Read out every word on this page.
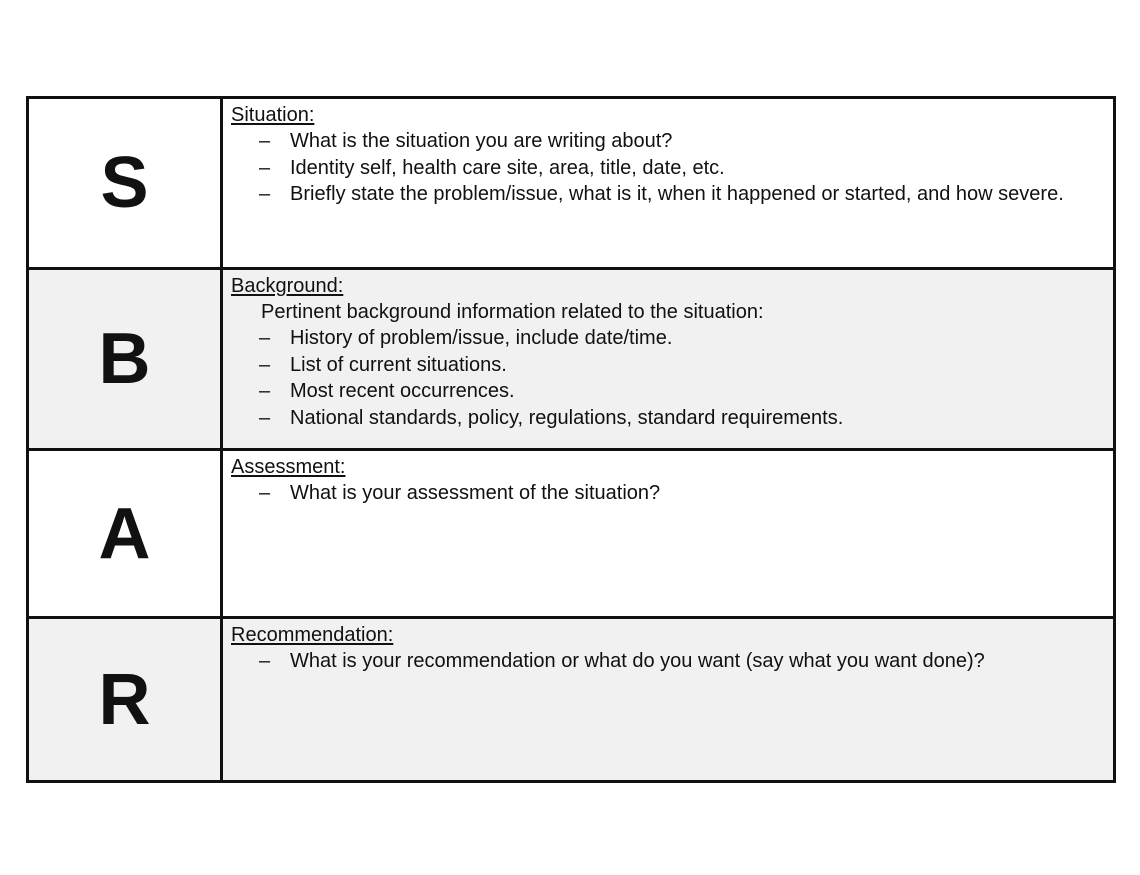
S
Situation:
– What is the situation you are writing about?
– Identity self, health care site, area, title, date, etc.
– Briefly state the problem/issue, what is it, when it happened or started, and how severe.
B
Background:
Pertinent background information related to the situation:
– History of problem/issue, include date/time.
– List of current situations.
– Most recent occurrences.
– National standards, policy, regulations, standard requirements.
A
Assessment:
– What is your assessment of the situation?
R
Recommendation:
– What is your recommendation or what do you want (say what you want done)?
